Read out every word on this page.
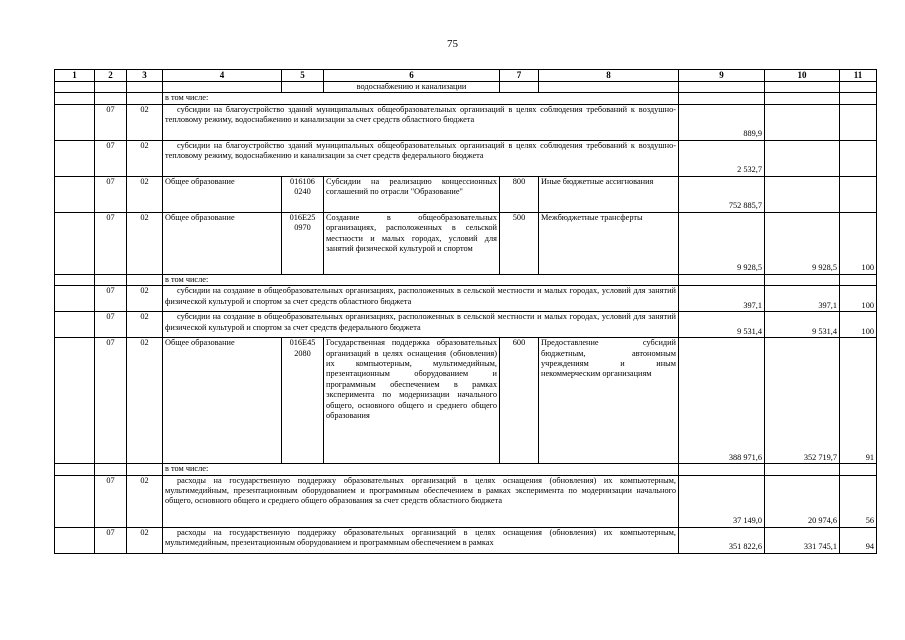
75
1	2	3	4	5	6	7	8	9	10	11
					водоснабжению и канализации					
			в том числе:							
	07	02	субсидии на благоустройство зданий муниципальных общеобразовательных организаций в целях соблюдения требований к воздушно-тепловому режиму, водоснабжению и канализации за счет средств областного бюджета					889,9		
	07	02	субсидии на благоустройство зданий муниципальных общеобразовательных организаций в целях соблюдения требований к воздушно-тепловому режиму, водоснабжению и канализации за счет средств федерального бюджета					2 532,7		
	07	02	Общее образование	016106 0240	Субсидии на реализацию концессионных соглашений по отрасли "Образование"	800	Иные бюджетные ассигнования	752 885,7		
	07	02	Общее образование	016E25 0970	Создание в общеобразовательных организациях, расположенных в сельской местности и малых городах, условий для занятий физической культурой и спортом	500	Межбюджетные трансферты	9 928,5	9 928,5	100
			в том числе:							
	07	02	субсидии на создание в общеобразовательных организациях, расположенных в сельской местности и малых городах, условий для занятий физической культурой и спортом за счет средств областного бюджета					397,1	397,1	100
	07	02	субсидии на создание в общеобразовательных организациях, расположенных в сельской местности и малых городах, условий для занятий физической культурой и спортом за счет средств федерального бюджета					9 531,4	9 531,4	100
	07	02	Общее образование	016E45 2080	Государственная поддержка образовательных организаций в целях оснащения (обновления) их компьютерным, мультимедийным, презентационным оборудованием и программным обеспечением в рамках эксперимента по модернизации начального общего, основного общего и среднего общего образования	600	Предоставление субсидий бюджетным, автономным учреждениям и иным некоммерческим организациям	388 971,6	352 719,7	91
			в том числе:							
	07	02	расходы на государственную поддержку образовательных организаций в целях оснащения (обновления) их компьютерным, мультимедийным, презентационным оборудованием и программным обеспечением в рамках эксперимента по модернизации начального общего, основного общего и среднего общего образования за счет средств областного бюджета					37 149,0	20 974,6	56
	07	02	расходы на государственную поддержку образовательных организаций в целях оснащения (обновления) их компьютерным, мультимедийным, презентационным оборудованием и программным обеспечением в рамках					351 822,6	331 745,1	94
